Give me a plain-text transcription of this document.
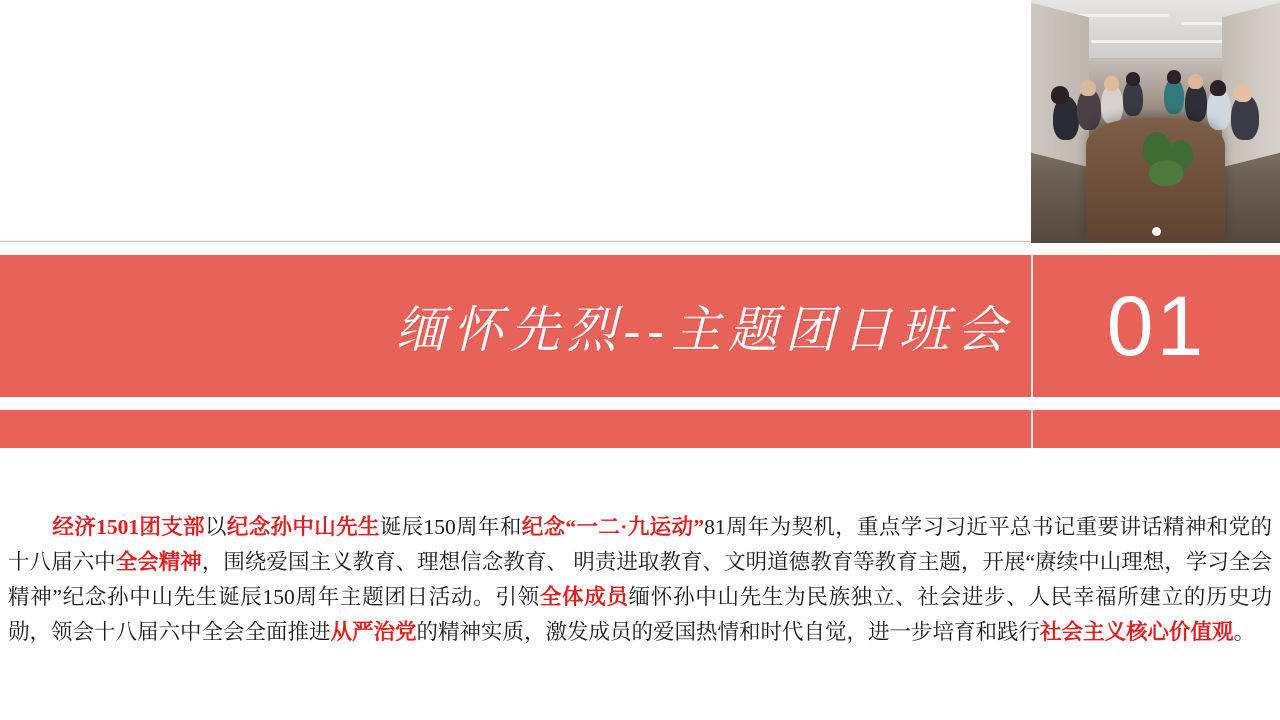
缅怀先烈--主题团日班会	01

经济1501团支部以纪念孙中山先生诞辰150周年和纪念“一二·九运动”81周年为契机，重点学习习近平总书记重要讲话精神和党的十八届六中全会精神，围绕爱国主义教育、理想信念教育、 明责进取教育、文明道德教育等教育主题，开展“赓续中山理想，学习全会精神”纪念孙中山先生诞辰150周年主题团日活动。引领全体成员缅怀孙中山先生为民族独立、社会进步、人民幸福所建立的历史功勋，领会十八届六中全会全面推进从严治党的精神实质，激发成员的爱国热情和时代自觉，进一步培育和践行社会主义核心价值观。
